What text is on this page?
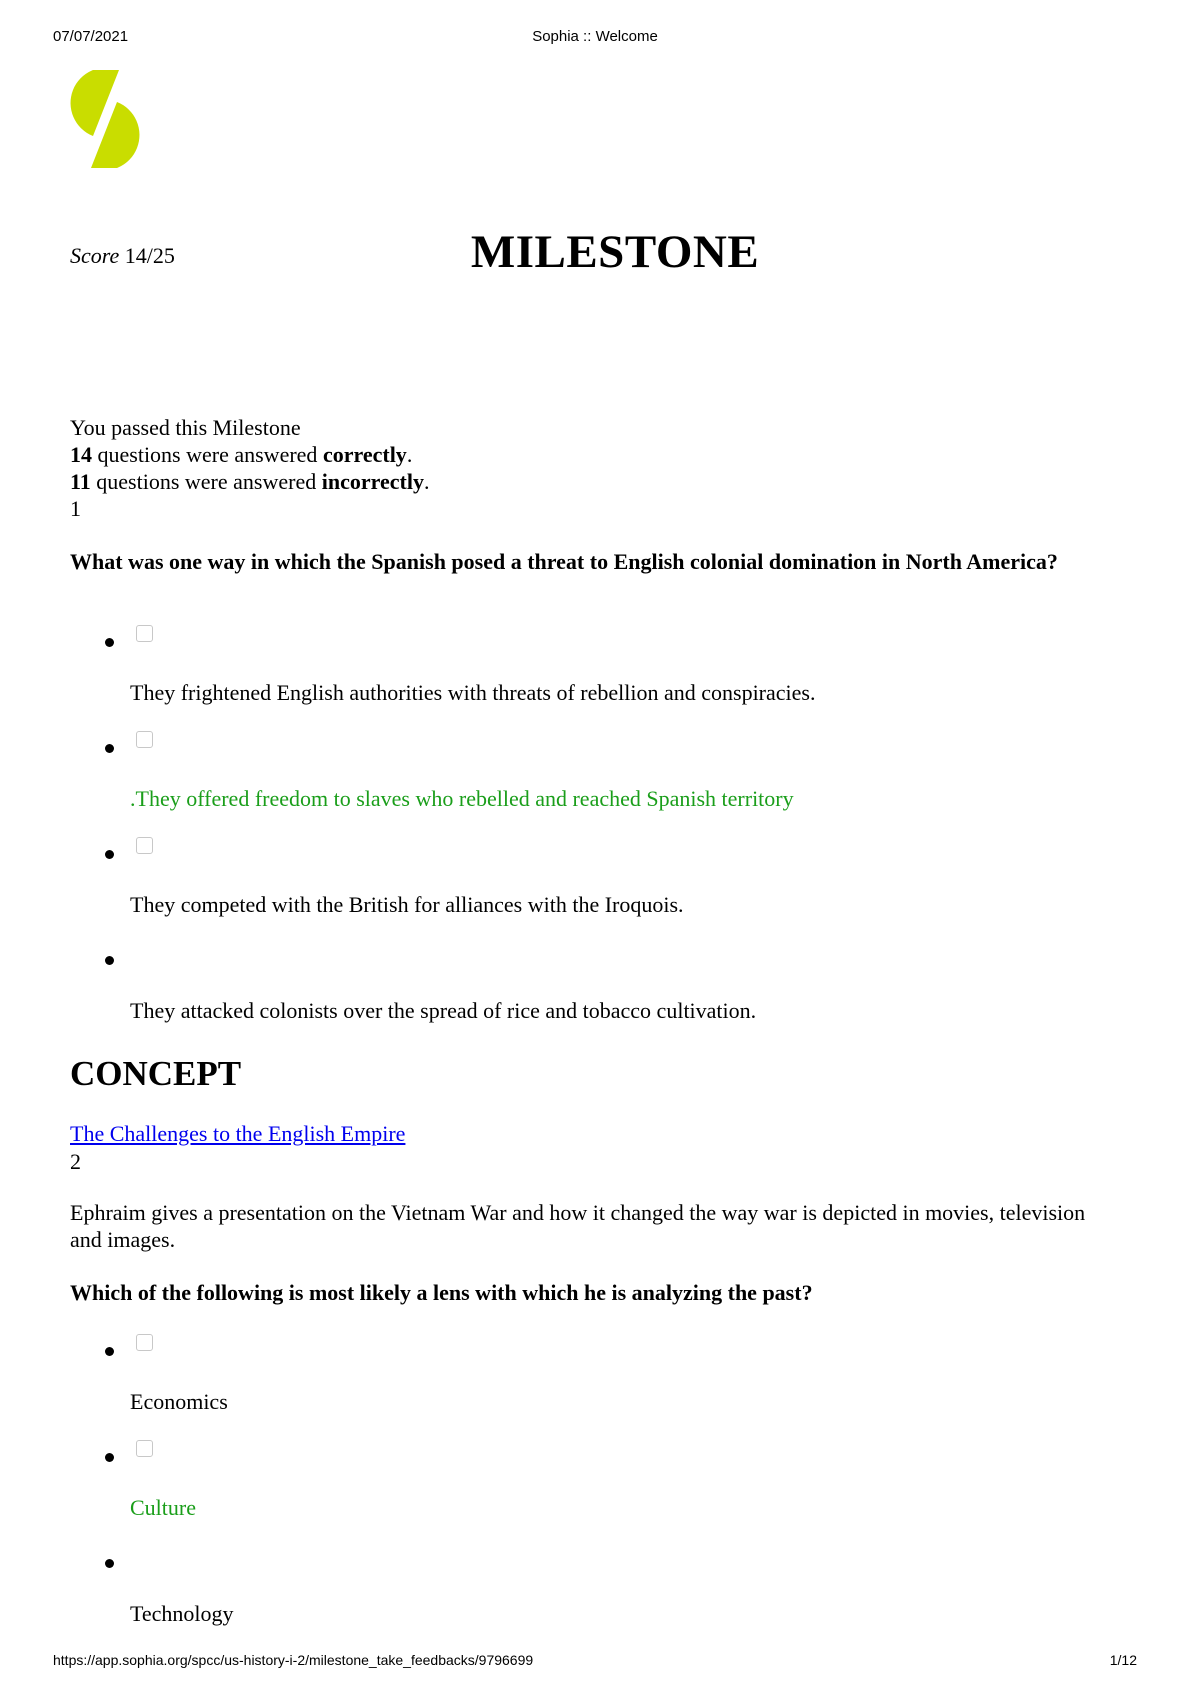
07/07/2021	Sophia :: Welcome
Score 14/25	MILESTONE
You passed this Milestone
14 questions were answered correctly.
11 questions were answered incorrectly.
1
What was one way in which the Spanish posed a threat to English colonial domination in North America?
They frightened English authorities with threats of rebellion and conspiracies.
.They offered freedom to slaves who rebelled and reached Spanish territory
They competed with the British for alliances with the Iroquois.
They attacked colonists over the spread of rice and tobacco cultivation.
CONCEPT
The Challenges to the English Empire
2
Ephraim gives a presentation on the Vietnam War and how it changed the way war is depicted in movies, television and images.
Which of the following is most likely a lens with which he is analyzing the past?
Economics
Culture
Technology
https://app.sophia.org/spcc/us-history-i-2/milestone_take_feedbacks/9796699	1/12
